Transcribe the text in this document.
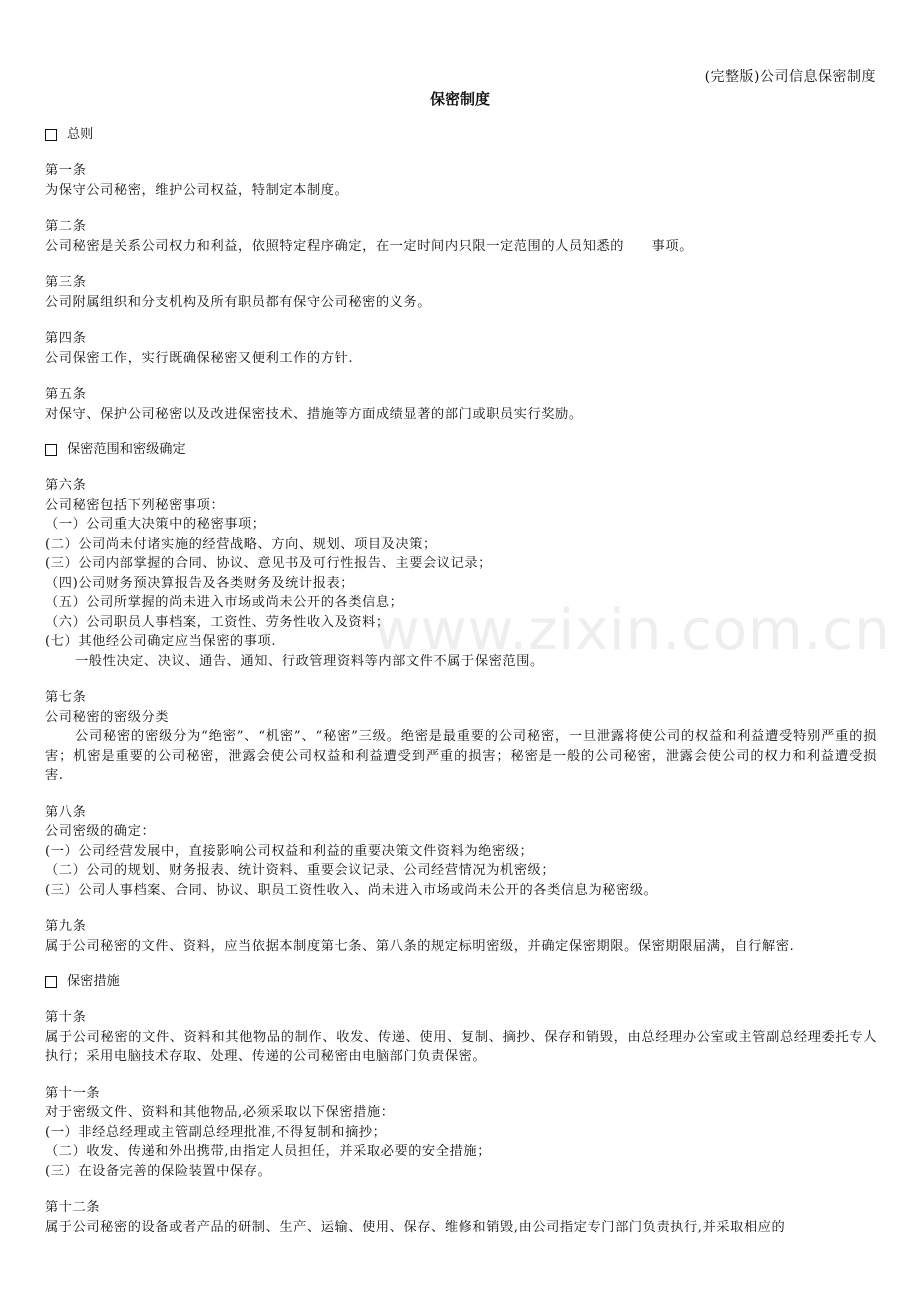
(完整版)公司信息保密制度
保密制度
www.zixin.com.cn
总则
第一条
为保守公司秘密，维护公司权益，特制定本制度。
第二条
公司秘密是关系公司权力和利益，依照特定程序确定，在一定时间内只限一定范围的人员知悉的　　事项。
第三条
公司附属组织和分支机构及所有职员都有保守公司秘密的义务。
第四条
公司保密工作，实行既确保秘密又便利工作的方针.
第五条
对保守、保护公司秘密以及改进保密技术、措施等方面成绩显著的部门或职员实行奖励。
保密范围和密级确定
第六条
公司秘密包括下列秘密事项：
（一）公司重大决策中的秘密事项；
(二）公司尚未付诸实施的经营战略、方向、规划、项目及决策；
(三）公司内部掌握的合同、协议、意见书及可行性报告、主要会议记录；
（四)公司财务预决算报告及各类财务及统计报表；
（五）公司所掌握的尚未进入市场或尚未公开的各类信息；
（六）公司职员人事档案，工资性、劳务性收入及资料；
(七）其他经公司确定应当保密的事项.
一般性决定、决议、通告、通知、行政管理资料等内部文件不属于保密范围。
第七条
公司秘密的密级分类
公司秘密的密级分为“绝密”、“机密”、“秘密”三级。绝密是最重要的公司秘密，一旦泄露将使公司的权益和利益遭受特别严重的损害；机密是重要的公司秘密，泄露会使公司权益和利益遭受到严重的损害；秘密是一般的公司秘密，泄露会使公司的权力和利益遭受损害.
第八条
公司密级的确定：
(一）公司经营发展中，直接影响公司权益和利益的重要决策文件资料为绝密级；
（二）公司的规划、财务报表、统计资料、重要会议记录、公司经营情况为机密级；
(三）公司人事档案、合同、协议、职员工资性收入、尚未进入市场或尚未公开的各类信息为秘密级。
第九条
属于公司秘密的文件、资料，应当依据本制度第七条、第八条的规定标明密级，并确定保密期限。保密期限届满，自行解密.
保密措施
第十条
属于公司秘密的文件、资料和其他物品的制作、收发、传递、使用、复制、摘抄、保存和销毁，由总经理办公室或主管副总经理委托专人执行；采用电脑技术存取、处理、传递的公司秘密由电脑部门负责保密。
第十一条
对于密级文件、资料和其他物品,必须采取以下保密措施：
(一）非经总经理或主管副总经理批准,不得复制和摘抄；
（二）收发、传递和外出携带,由指定人员担任，并采取必要的安全措施；
(三）在设备完善的保险装置中保存。
第十二条
属于公司秘密的设备或者产品的研制、生产、运输、使用、保存、维修和销毁,由公司指定专门部门负责执行,并采取相应的
